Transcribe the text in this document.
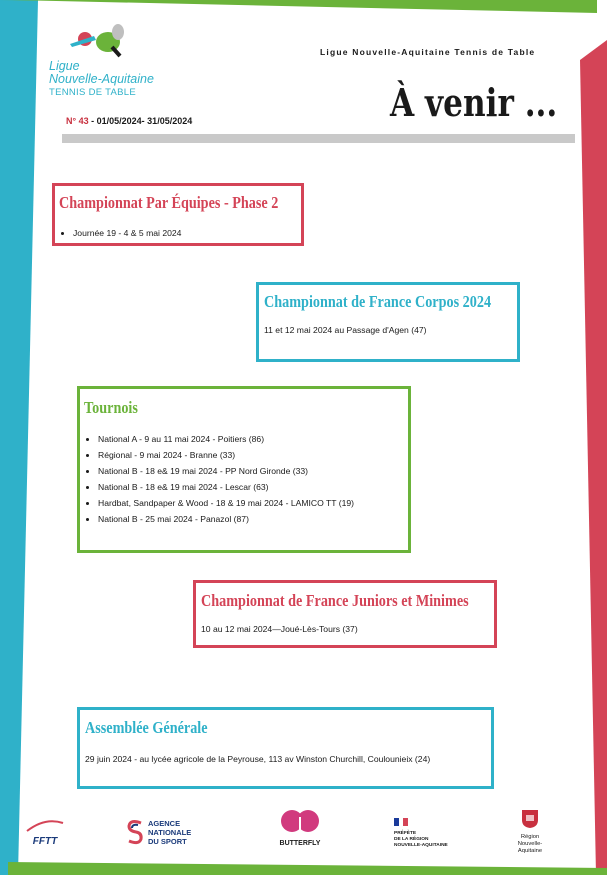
Ligue
Nouvelle-Aquitaine
TENNIS DE TABLE
N° 43 - 01/05/2024- 31/05/2024
Ligue Nouvelle-Aquitaine Tennis de Table
À venir ...
Championnat Par Équipes - Phase 2
• Journée 19 - 4 & 5 mai 2024
Championnat de France Corpos 2024

11 et 12 mai 2024 au Passage d'Agen (47)

Tournois
• National A - 9 au 11 mai 2024 - Poitiers (86)
• Régional - 9 mai 2024 - Branne (33)
• National B - 18 e& 19 mai 2024 - PP Nord Gironde (33)
• National B - 18 e& 19 mai 2024 - Lescar (63)
• Hardbat, Sandpaper & Wood - 18 & 19 mai 2024 - LAMICO TT (19)
• National B - 25 mai 2024 - Panazol (87)
Championnat de France Juniors et Minimes

10 au 12 mai 2024—Joué-Lès-Tours (37)

Assemblée Générale

29 juin 2024 - au lycée agricole de la Peyrouse, 113 av Winston Churchill, Coulounieix (24)

FFTT
AGENCE
NATIONALE
DU SPORT	BUTTERFLY
PRÉFÈTE
DE LA RÉGION
NOUVELLE-AQUITAINE
Région
Nouvelle-
Aquitaine
